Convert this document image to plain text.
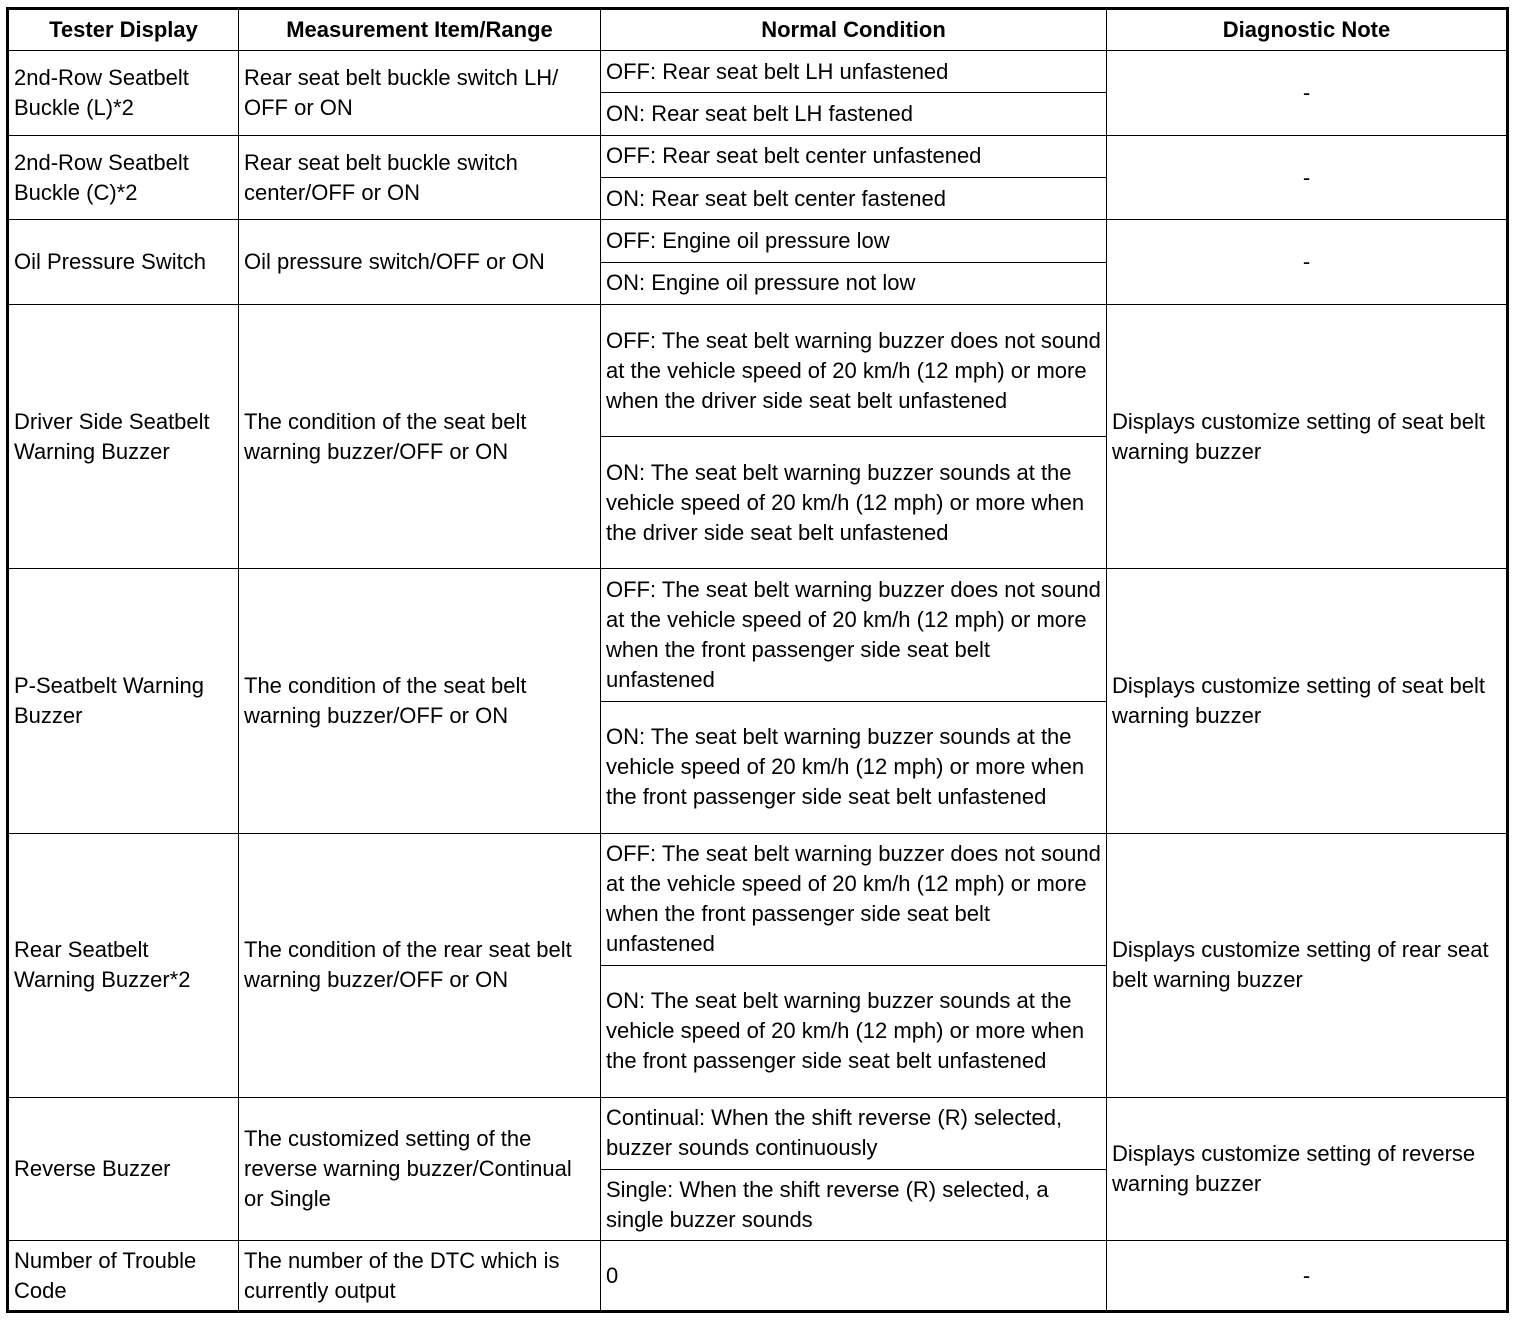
Tester Display	Measurement Item/Range	Normal Condition	Diagnostic Note
2nd-Row Seatbelt Buckle (L)*2	Rear seat belt buckle switch LH/ OFF or ON	OFF: Rear seat belt LH unfastened	-
		ON: Rear seat belt LH fastened	
2nd-Row Seatbelt Buckle (C)*2	Rear seat belt buckle switch center/OFF or ON	OFF: Rear seat belt center unfastened	-
		ON: Rear seat belt center fastened	
Oil Pressure Switch	Oil pressure switch/OFF or ON	OFF: Engine oil pressure low	-
		ON: Engine oil pressure not low	
Driver Side Seatbelt Warning Buzzer	The condition of the seat belt warning buzzer/OFF or ON	OFF: The seat belt warning buzzer does not sound at the vehicle speed of 20 km/h (12 mph) or more when the driver side seat belt unfastened	Displays customize setting of seat belt warning buzzer
		ON: The seat belt warning buzzer sounds at the vehicle speed of 20 km/h (12 mph) or more when the driver side seat belt unfastened	
P-Seatbelt Warning Buzzer	The condition of the seat belt warning buzzer/OFF or ON	OFF: The seat belt warning buzzer does not sound at the vehicle speed of 20 km/h (12 mph) or more when the front passenger side seat belt unfastened	Displays customize setting of seat belt warning buzzer
		ON: The seat belt warning buzzer sounds at the vehicle speed of 20 km/h (12 mph) or more when the front passenger side seat belt unfastened	
Rear Seatbelt Warning Buzzer*2	The condition of the rear seat belt warning buzzer/OFF or ON	OFF: The seat belt warning buzzer does not sound at the vehicle speed of 20 km/h (12 mph) or more when the front passenger side seat belt unfastened	Displays customize setting of rear seat belt warning buzzer
		ON: The seat belt warning buzzer sounds at the vehicle speed of 20 km/h (12 mph) or more when the front passenger side seat belt unfastened	
Reverse Buzzer	The customized setting of the reverse warning buzzer/Continual or Single	Continual: When the shift reverse (R) selected, buzzer sounds continuously	Displays customize setting of reverse warning buzzer
		Single: When the shift reverse (R) selected, a single buzzer sounds	
Number of Trouble Code	The number of the DTC which is currently output	0	-
